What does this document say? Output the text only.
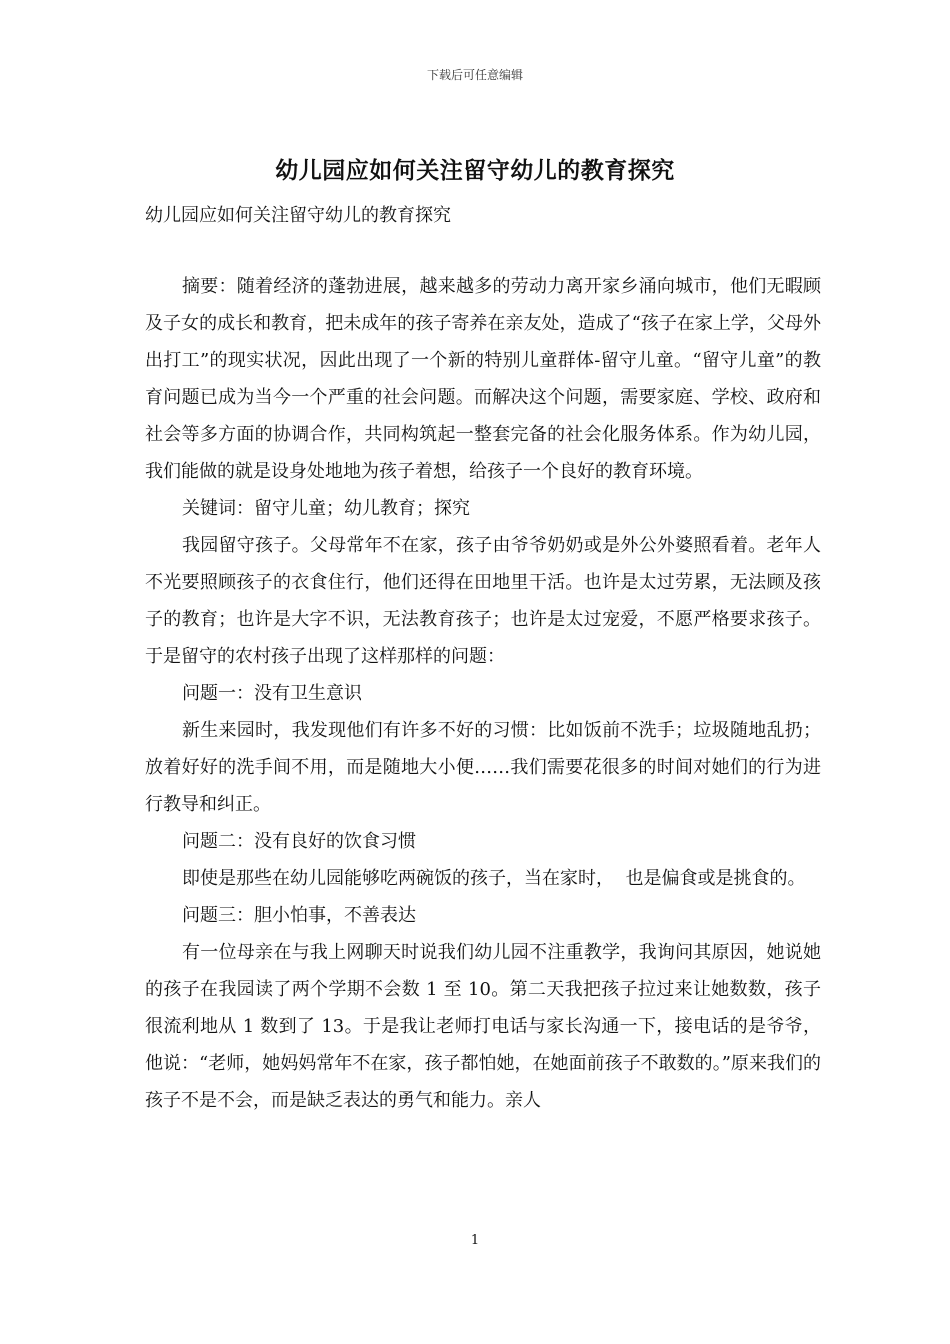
下载后可任意编辑
幼儿园应如何关注留守幼儿的教育探究
幼儿园应如何关注留守幼儿的教育探究

摘要：随着经济的蓬勃进展，越来越多的劳动力离开家乡涌向城市，他们无暇顾及子女的成长和教育，把未成年的孩子寄养在亲友处，造成了“孩子在家上学，父母外出打工”的现实状况，因此出现了一个新的特别儿童群体-留守儿童。“留守儿童”的教育问题已成为当今一个严重的社会问题。而解决这个问题，需要家庭、学校、政府和社会等多方面的协调合作，共同构筑起一整套完备的社会化服务体系。作为幼儿园，我们能做的就是设身处地地为孩子着想，给孩子一个良好的教育环境。

关键词：留守儿童；幼儿教育；探究

我园留守孩子。父母常年不在家，孩子由爷爷奶奶或是外公外婆照看着。老年人不光要照顾孩子的衣食住行，他们还得在田地里干活。也许是太过劳累，无法顾及孩子的教育；也许是大字不识，无法教育孩子；也许是太过宠爱，不愿严格要求孩子。于是留守的农村孩子出现了这样那样的问题：

问题一：没有卫生意识

新生来园时，我发现他们有许多不好的习惯：比如饭前不洗手；垃圾随地乱扔；放着好好的洗手间不用，而是随地大小便……我们需要花很多的时间对她们的行为进行教导和纠正。

问题二：没有良好的饮食习惯

即使是那些在幼儿园能够吃两碗饭的孩子，当在家时，  也是偏食或是挑食的。

问题三：胆小怕事，不善表达

有一位母亲在与我上网聊天时说我们幼儿园不注重教学，我询问其原因，她说她的孩子在我园读了两个学期不会数 1 至 10。第二天我把孩子拉过来让她数数，孩子很流利地从 1 数到了 13。于是我让老师打电话与家长沟通一下，接电话的是爷爷，他说：“老师，她妈妈常年不在家，孩子都怕她，在她面前孩子不敢数的。”原来我们的孩子不是不会，而是缺乏表达的勇气和能力。亲人

1
